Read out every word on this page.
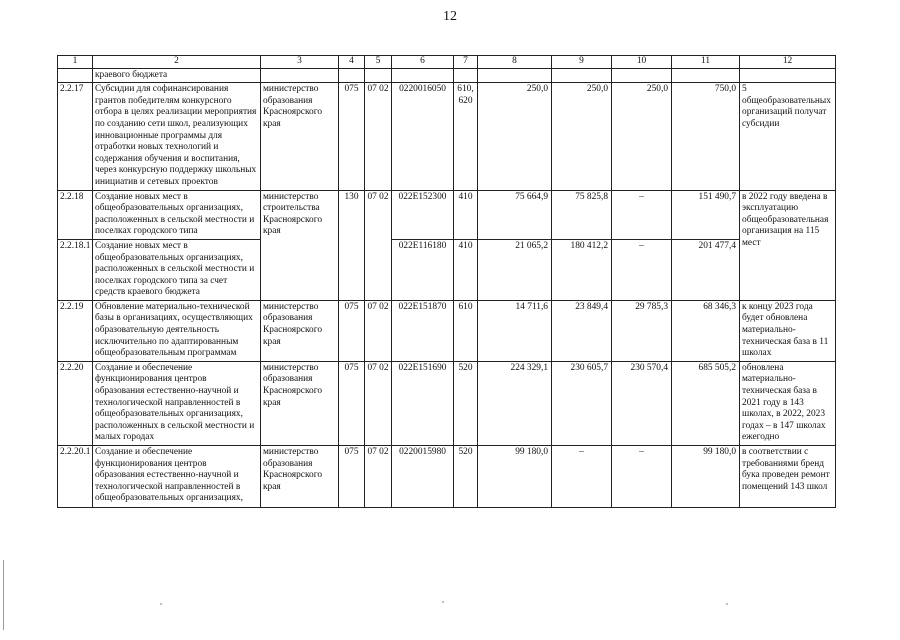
12
1	2	3	4	5	6	7	8	9	10	11	12
	краевого бюджета										
2.2.17	Субсидии для софинансирования грантов победителям конкурсного отбора в целях реализации мероприятия по созданию сети школ, реализующих инновационные программы для отработки новых технологий и содержания обучения и воспитания, через конкурсную поддержку школьных инициатив и сетевых проектов	министерство образования Красноярского края	075	07 02	0220016050	610, 620	250,0	250,0	250,0	750,0	5 общеобразовательных организаций получат субсидии
2.2.18	Создание новых мест в общеобразовательных организациях, расположенных в сельской местности и поселках городского типа	министерство строительства Красноярского края	130	07 02	022E152300	410	75 664,9	75 825,8	–	151 490,7	в 2022 году введена в эксплуатацию общеобразовательная организация на 115 мест
2.2.18.1	Создание новых мест в общеобразовательных организациях, расположенных в сельской местности и поселках городского типа за счет средств краевого бюджета				022E116180	410	21 065,2	180 412,2	–	201 477,4	
2.2.19	Обновление материально-технической базы в организациях, осуществляющих образовательную деятельность исключительно по адаптированным общеобразовательным программам	министерство образования Красноярского края	075	07 02	022E151870	610	14 711,6	23 849,4	29 785,3	68 346,3	к концу 2023 года будет обновлена материально-техническая база в 11 школах
2.2.20	Создание и обеспечение функционирования центров образования естественно-научной и технологической направленностей в общеобразовательных организациях, расположенных в сельской местности и малых городах	министерство образования Красноярского края	075	07 02	022E151690	520	224 329,1	230 605,7	230 570,4	685 505,2	обновлена материально-техническая база в 2021 году в 143 школах, в 2022, 2023 годах – в 147 школах ежегодно
2.2.20.1	Создание и обеспечение функционирования центров образования естественно-научной и технологической направленностей в общеобразовательных организациях,	министерство образования Красноярского края	075	07 02	0220015980	520	99 180,0	–	–	99 180,0	в соответствии с требованиями бренд бука проведен ремонт помещений 143 школ
